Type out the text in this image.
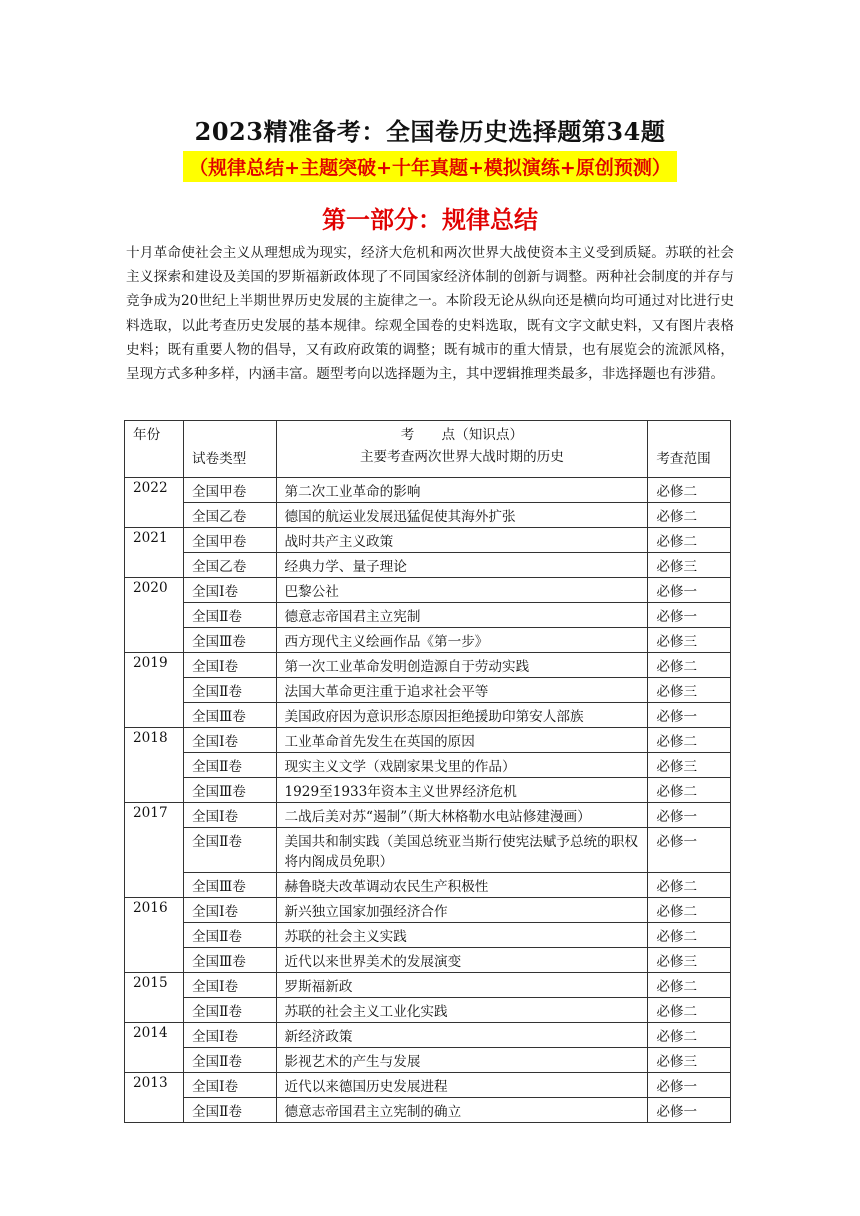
2023精准备考：全国卷历史选择题第34题
（规律总结+主题突破+十年真题+模拟演练+原创预测）
第一部分：规律总结
十月革命使社会主义从理想成为现实，经济大危机和两次世界大战使资本主义受到质疑。苏联的社会主义探索和建设及美国的罗斯福新政体现了不同国家经济体制的创新与调整。两种社会制度的并存与竞争成为20世纪上半期世界历史发展的主旋律之一。本阶段无论从纵向还是横向均可通过对比进行史料选取，以此考查历史发展的基本规律。综观全国卷的史料选取，既有文字文献史料，又有图片表格史料；既有重要人物的倡导，又有政府政策的调整；既有城市的重大情景，也有展览会的流派风格，呈现方式多种多样，内涵丰富。题型考向以选择题为主，其中逻辑推理类最多，非选择题也有涉猎。
年份	试卷类型	考　　点（知识点）
主要考查两次世界大战时期的历史	考查范围

2022	全国甲卷	第二次工业革命的影响	必修二
	全国乙卷	德国的航运业发展迅猛促使其海外扩张	必修二
2021	全国甲卷	战时共产主义政策	必修二
	全国乙卷	经典力学、量子理论	必修三
2020	全国Ⅰ卷	巴黎公社	必修一
	全国Ⅱ卷	德意志帝国君主立宪制	必修一
	全国Ⅲ卷	西方现代主义绘画作品《第一步》	必修三
2019	全国Ⅰ卷	第一次工业革命发明创造源自于劳动实践	必修二
	全国Ⅱ卷	法国大革命更注重于追求社会平等	必修三
	全国Ⅲ卷	美国政府因为意识形态原因拒绝援助印第安人部族	必修一
2018	全国Ⅰ卷	工业革命首先发生在英国的原因	必修二
	全国Ⅱ卷	现实主义文学（戏剧家果戈里的作品）	必修三
	全国Ⅲ卷	1929至1933年资本主义世界经济危机	必修二
2017	全国Ⅰ卷	二战后美对苏“遏制”（斯大林格勒水电站修建漫画）	必修一
	全国Ⅱ卷	美国共和制实践（美国总统亚当斯行使宪法赋予总统的职权将内阁成员免职）	必修一
	全国Ⅲ卷	赫鲁晓夫改革调动农民生产积极性	必修二
2016	全国Ⅰ卷	新兴独立国家加强经济合作	必修二
	全国Ⅱ卷	苏联的社会主义实践	必修二
	全国Ⅲ卷	近代以来世界美术的发展演变	必修三
2015	全国Ⅰ卷	罗斯福新政	必修二
	全国Ⅱ卷	苏联的社会主义工业化实践	必修二
2014	全国Ⅰ卷	新经济政策	必修二
	全国Ⅱ卷	影视艺术的产生与发展	必修三
2013	全国Ⅰ卷	近代以来德国历史发展进程	必修一
	全国Ⅱ卷	德意志帝国君主立宪制的确立	必修一
